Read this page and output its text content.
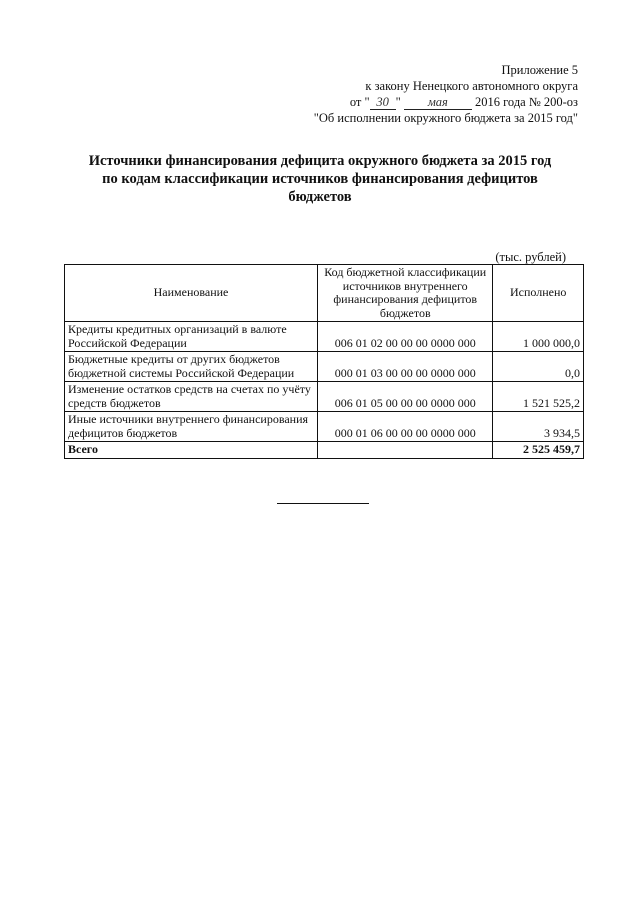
Приложение 5
к закону Ненецкого автономного округа
от " 30 " мая 2016 года № 200-оз
"Об исполнении окружного бюджета за 2015 год"
Источники финансирования дефицита окружного бюджета за 2015 год
по кодам классификации источников финансирования дефицитов
бюджетов
(тыс. рублей)
Наименование	Код бюджетной классификации источников внутреннего финансирования дефицитов бюджетов	Исполнено
Кредиты кредитных организаций в валюте Российской Федерации	006 01 02 00 00 00 0000 000	1 000 000,0
Бюджетные кредиты от других бюджетов бюджетной системы Российской Федерации	000 01 03 00 00 00 0000 000	0,0
Изменение остатков средств на счетах по учёту средств бюджетов	006 01 05 00 00 00 0000 000	1 521 525,2
Иные источники внутреннего финансирования дефицитов бюджетов	000 01 06 00 00 00 0000 000	3 934,5
Всего		2 525 459,7
